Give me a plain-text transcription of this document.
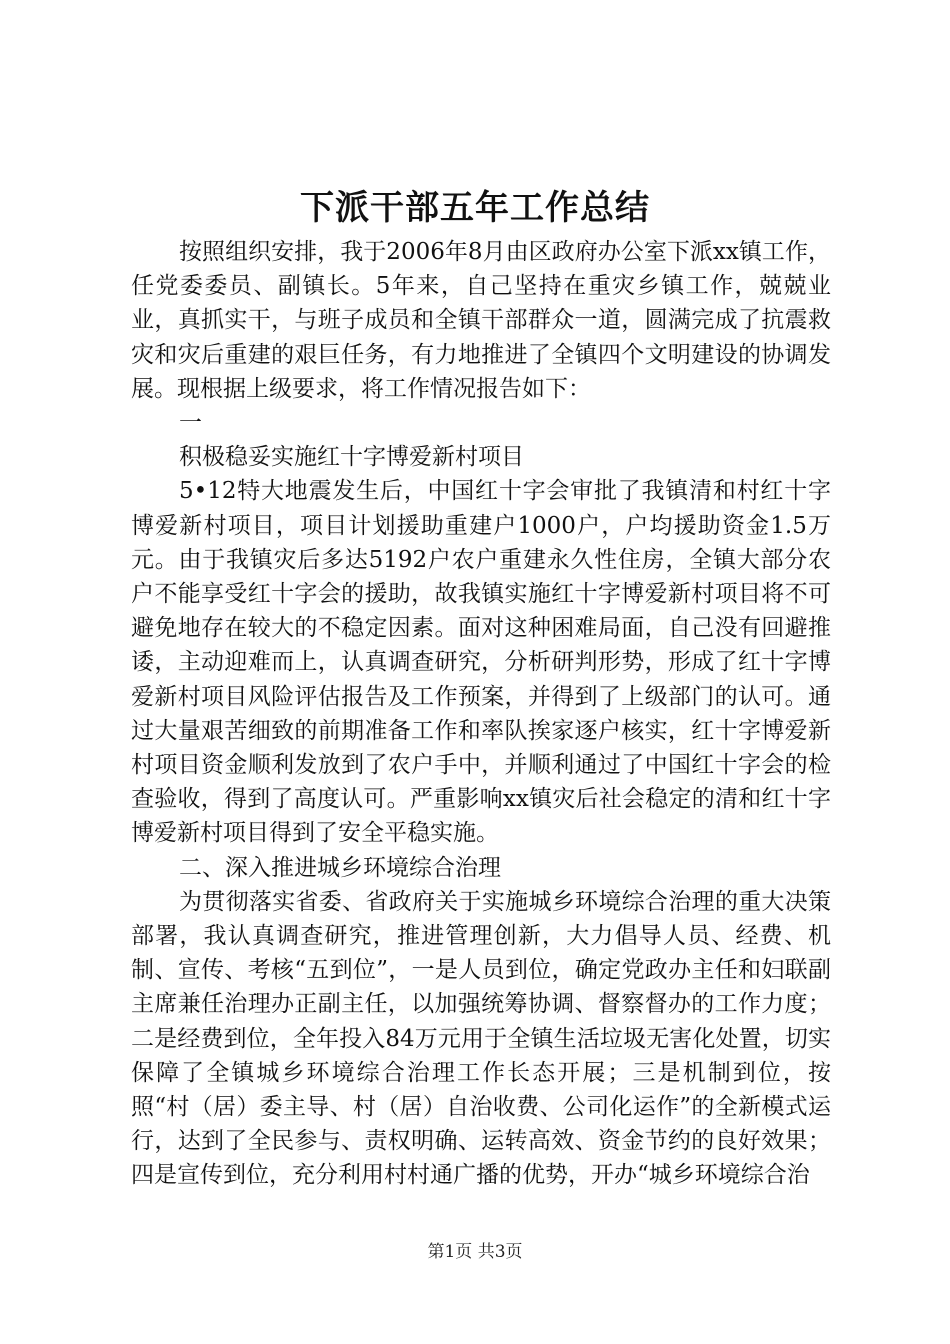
下派干部五年工作总结

按照组织安排，我于2006年8月由区政府办公室下派xx镇工作，任党委委员、副镇长。5年来，自己坚持在重灾乡镇工作，兢兢业业，真抓实干，与班子成员和全镇干部群众一道，圆满完成了抗震救灾和灾后重建的艰巨任务，有力地推进了全镇四个文明建设的协调发展。现根据上级要求，将工作情况报告如下：

一

积极稳妥实施红十字博爱新村项目

5•12特大地震发生后，中国红十字会审批了我镇清和村红十字博爱新村项目，项目计划援助重建户1000户，户均援助资金1.5万元。由于我镇灾后多达5192户农户重建永久性住房，全镇大部分农户不能享受红十字会的援助，故我镇实施红十字博爱新村项目将不可避免地存在较大的不稳定因素。面对这种困难局面，自己没有回避推诿，主动迎难而上，认真调查研究，分析研判形势，形成了红十字博爱新村项目风险评估报告及工作预案，并得到了上级部门的认可。通过大量艰苦细致的前期准备工作和率队挨家逐户核实，红十字博爱新村项目资金顺利发放到了农户手中，并顺利通过了中国红十字会的检查验收，得到了高度认可。严重影响xx镇灾后社会稳定的清和红十字博爱新村项目得到了安全平稳实施。

二、深入推进城乡环境综合治理

为贯彻落实省委、省政府关于实施城乡环境综合治理的重大决策部署，我认真调查研究，推进管理创新，大力倡导人员、经费、机制、宣传、考核“五到位”，一是人员到位，确定党政办主任和妇联副主席兼任治理办正副主任，以加强统筹协调、督察督办的工作力度；二是经费到位，全年投入84万元用于全镇生活垃圾无害化处置，切实保障了全镇城乡环境综合治理工作长态开展；三是机制到位，按照“村（居）委主导、村（居）自治收费、公司化运作”的全新模式运行，达到了全民参与、责权明确、运转高效、资金节约的良好效果；四是宣传到位，充分利用村村通广播的优势，开办“城乡环境综合治

第1页 共3页
